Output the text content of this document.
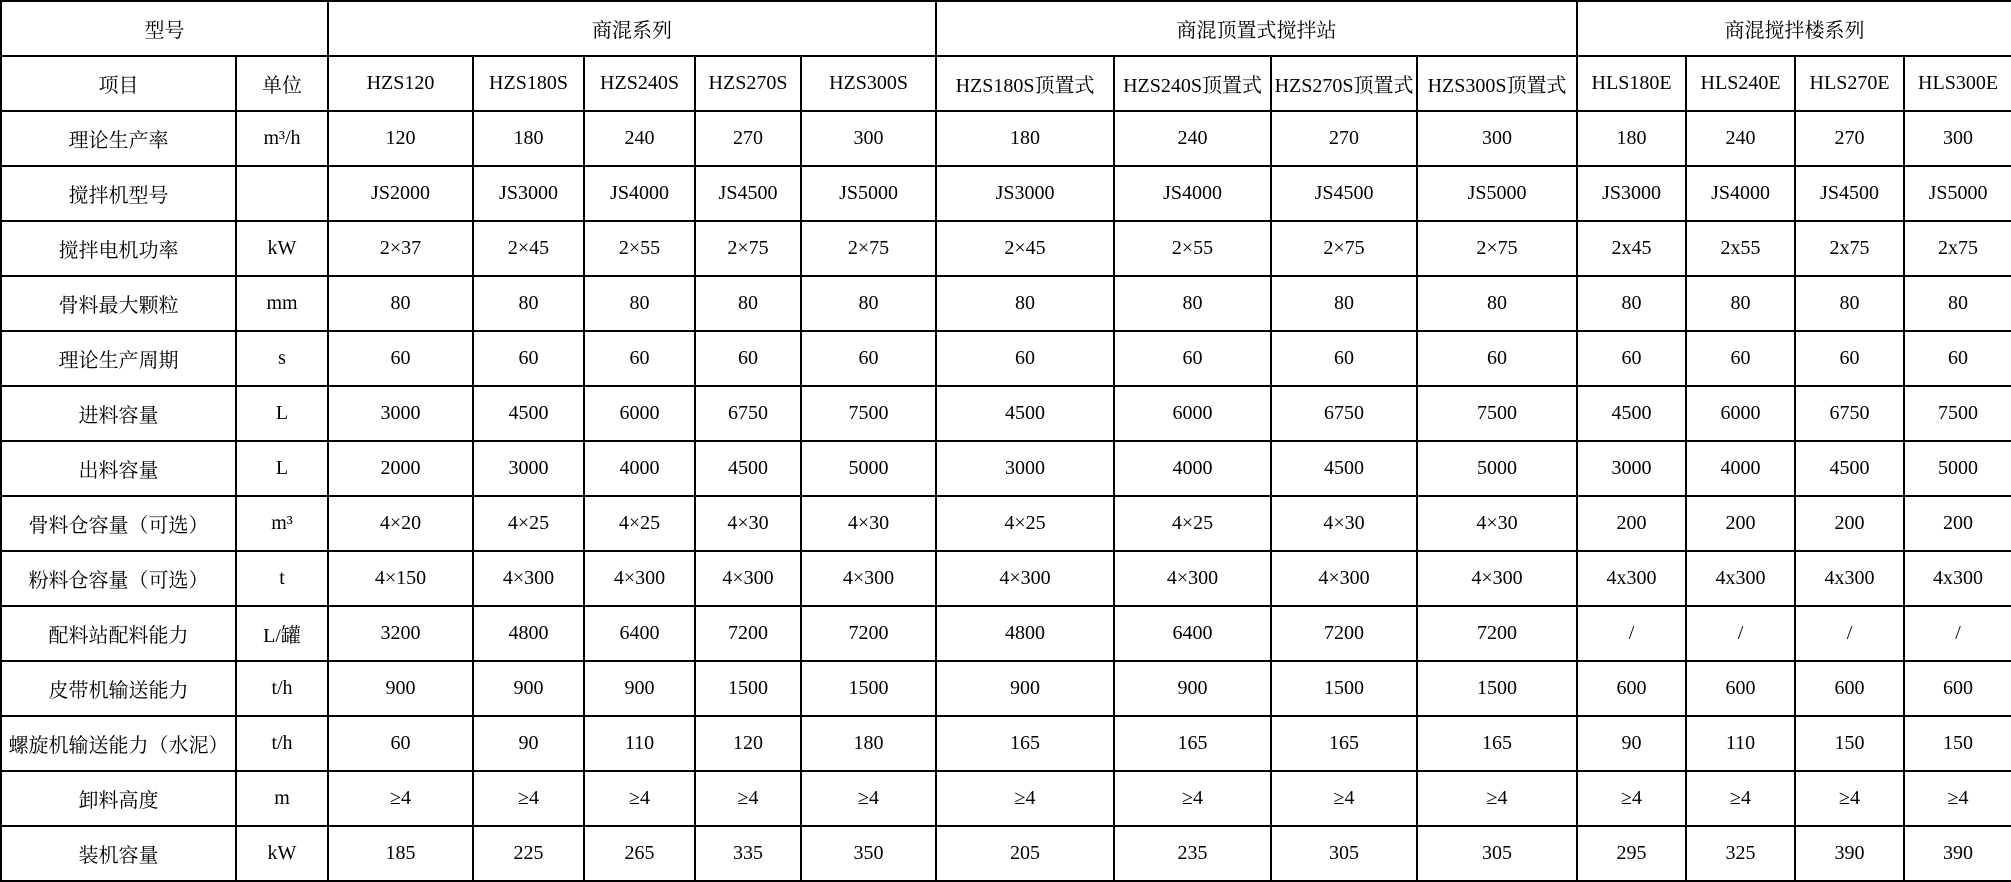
型号		商混系列					商混顶置式搅拌站				商混搅拌楼系列			
项目	单位	HZS120	HZS180S	HZS240S	HZS270S	HZS300S	HZS180S顶置式	HZS240S顶置式	HZS270S顶置式	HZS300S顶置式	HLS180E	HLS240E	HLS270E	HLS300E
理论生产率	m³/h	120	180	240	270	300	180	240	270	300	180	240	270	300
搅拌机型号		JS2000	JS3000	JS4000	JS4500	JS5000	JS3000	JS4000	JS4500	JS5000	JS3000	JS4000	JS4500	JS5000
搅拌电机功率	kW	2×37	2×45	2×55	2×75	2×75	2×45	2×55	2×75	2×75	2x45	2x55	2x75	2x75
骨料最大颗粒	mm	80	80	80	80	80	80	80	80	80	80	80	80	80
理论生产周期	s	60	60	60	60	60	60	60	60	60	60	60	60	60
进料容量	L	3000	4500	6000	6750	7500	4500	6000	6750	7500	4500	6000	6750	7500
出料容量	L	2000	3000	4000	4500	5000	3000	4000	4500	5000	3000	4000	4500	5000
骨料仓容量（可选）	m³	4×20	4×25	4×25	4×30	4×30	4×25	4×25	4×30	4×30	200	200	200	200
粉料仓容量（可选）	t	4×150	4×300	4×300	4×300	4×300	4×300	4×300	4×300	4×300	4x300	4x300	4x300	4x300
配料站配料能力	L/罐	3200	4800	6400	7200	7200	4800	6400	7200	7200	/	/	/	/
皮带机输送能力	t/h	900	900	900	1500	1500	900	900	1500	1500	600	600	600	600
螺旋机输送能力（水泥）	t/h	60	90	110	120	180	165	165	165	165	90	110	150	150
卸料高度	m	≥4	≥4	≥4	≥4	≥4	≥4	≥4	≥4	≥4	≥4	≥4	≥4	≥4
装机容量	kW	185	225	265	335	350	205	235	305	305	295	325	390	390
